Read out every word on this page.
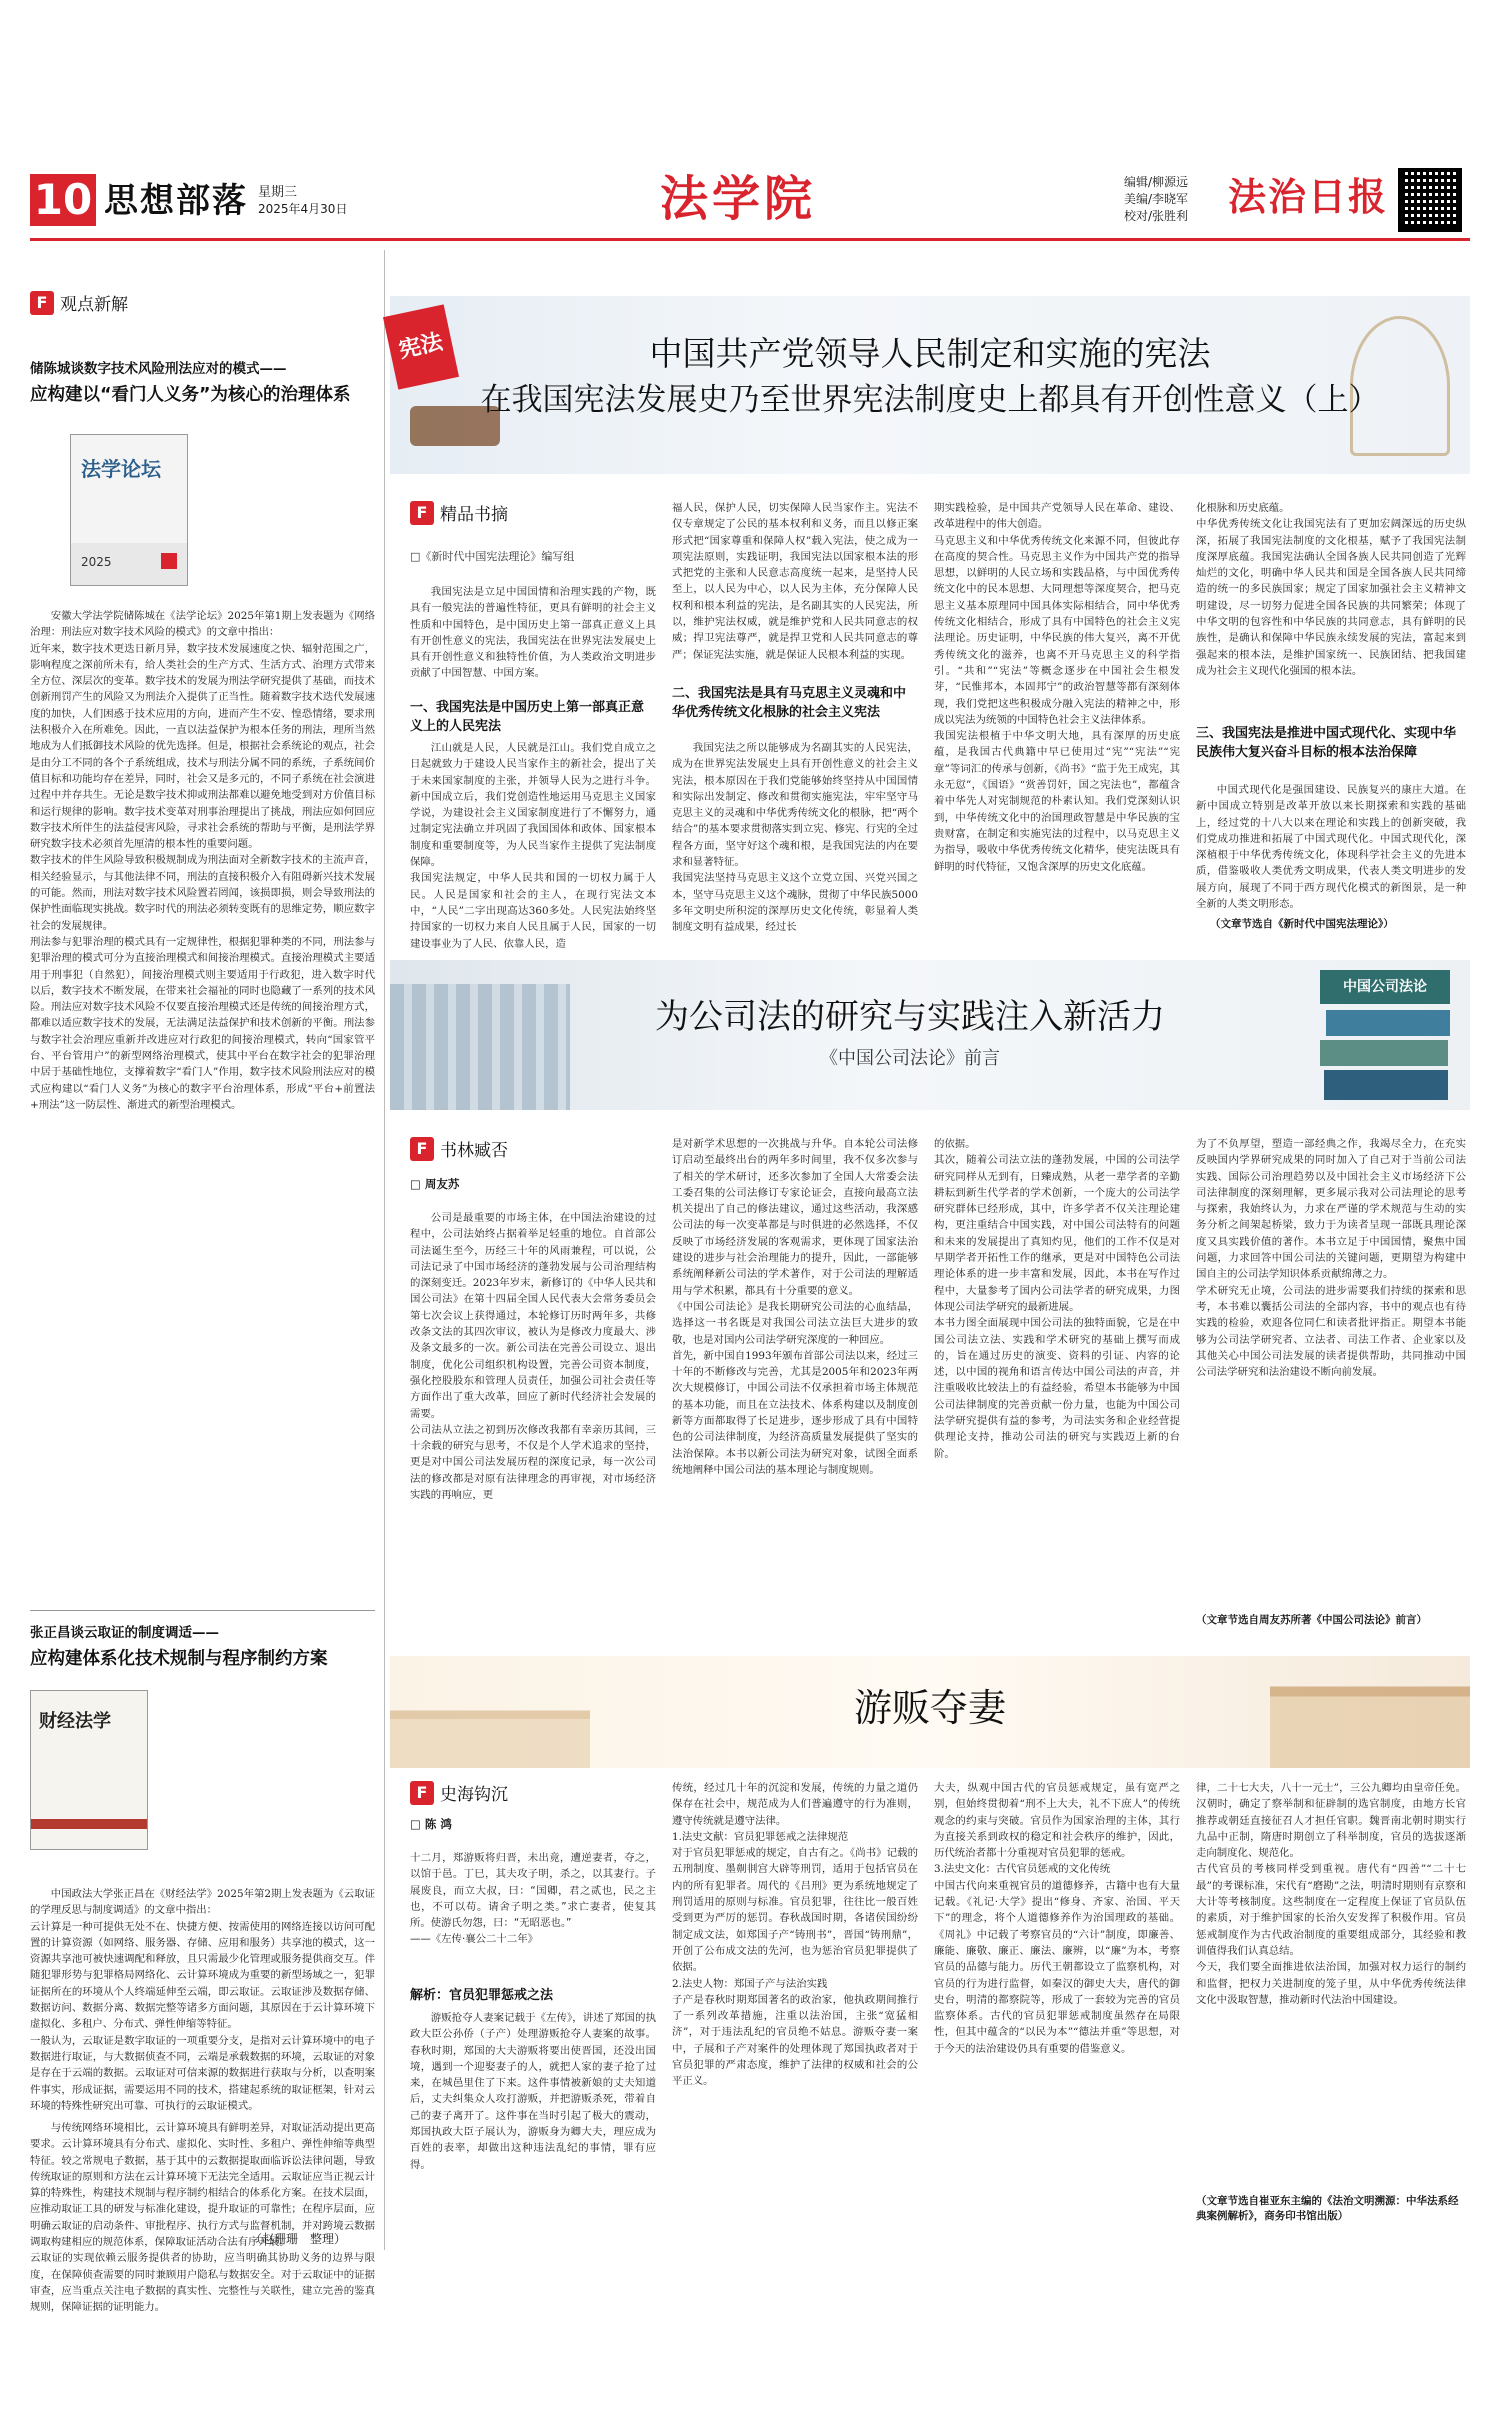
10 思想部落 星期三
2025年4月30日	法学院	编辑/柳源远
美编/李晓军
校对/张胜利 法治日报
F 观点新解
储陈城谈数字技术风险刑法应对的模式——
应构建以“看门人义务”为核心的治理体系
法学论坛
2025
安徽大学法学院储陈城在《法学论坛》2025年第1期上发表题为《网络治理：刑法应对数字技术风险的模式》的文章中指出：
近年来，数字技术更迭日新月异，数字技术发展速度之快、辐射范围之广，影响程度之深前所未有，给人类社会的生产方式、生活方式、治理方式带来全方位、深层次的变革。数字技术的发展为刑法学研究提供了基础，而技术创新刑罚产生的风险又为刑法介入提供了正当性。随着数字技术迭代发展速度的加快，人们困惑于技术应用的方向，进而产生不安、惶恐情绪，要求刑法积极介入在所难免。因此，一直以法益保护为根本任务的刑法，理所当然地成为人们抵御技术风险的优先选择。但是，根据社会系统论的观点，社会是由分工不同的各个子系统组成，技术与刑法分属不同的系统，子系统间价值目标和功能均存在差异，同时，社会又是多元的，不同子系统在社会演进过程中并存共生。无论是数字技术抑或刑法都难以避免地受到对方价值目标和运行规律的影响。数字技术变革对刑事治理提出了挑战，刑法应如何回应数字技术所伴生的法益侵害风险，寻求社会系统的帮助与平衡，是刑法学界研究数字技术必须首先厘清的根本性的重要问题。
数字技术的伴生风险导致积极规制成为刑法面对全新数字技术的主流声音，相关经验显示，与其他法律不同，刑法的直接积极介入有阻碍新兴技术发展的可能。然而，刑法对数字技术风险置若罔闻，该损即损，则会导致刑法的保护性面临现实挑战。数字时代的刑法必须转变既有的思维定势，顺应数字社会的发展规律。
刑法参与犯罪治理的模式具有一定规律性，根据犯罪种类的不同，刑法参与犯罪治理的模式可分为直接治理模式和间接治理模式。直接治理模式主要适用于刑事犯（自然犯），间接治理模式则主要适用于行政犯，进入数字时代以后，数字技术不断发展，在带来社会福祉的同时也隐藏了一系列的技术风险。刑法应对数字技术风险不仅要直接治理模式还是传统的间接治理方式，都难以适应数字技术的发展，无法满足法益保护和技术创新的平衡。刑法参与数字社会治理应重新并改进应对行政犯的间接治理模式，转向“国家管平台、平台管用户”的新型网络治理模式，使其中平台在数字社会的犯罪治理中居于基础性地位，支撑着数字“看门人”作用，数字技术风险刑法应对的模式应构建以“看门人义务”为核心的数字平台治理体系，形成“平台+前置法+刑法”这一防层性、渐进式的新型治理模式。
张正昌谈云取证的制度调适——
应构建体系化技术规制与程序制约方案
财经法学
中国政法大学张正昌在《财经法学》2025年第2期上发表题为《云取证的学理反思与制度调适》的文章中指出：
云计算是一种可提供无处不在、快捷方便、按需使用的网络连接以访问可配置的计算资源（如网络、服务器、存储、应用和服务）共享池的模式，这一资源共享池可被快速调配和释放，且只需最少化管理或服务提供商交互。伴随犯罪形势与犯罪格局网络化、云计算环境成为重要的新型场域之一，犯罪证据所在的环境从个人终端延伸至云端，即云取证。云取证涉及数据存储、数据访问、数据分离、数据完整等诸多方面问题，其原因在于云计算环境下虚拟化、多租户、分布式、弹性伸缩等特征。
一般认为，云取证是数字取证的一项重要分支，是指对云计算环境中的电子数据进行取证，与大数据侦查不同，云端是承载数据的环境，云取证的对象是存在于云端的数据。云取证对可信来源的数据进行获取与分析，以查明案件事实，形成证据，需要运用不同的技术，搭建起系统的取证框架，针对云环境的特殊性研究出可靠、可执行的云取证模式。
与传统网络环境相比，云计算环境具有鲜明差异，对取证活动提出更高要求。云计算环境具有分布式、虚拟化、实时性、多租户、弹性伸缩等典型特征。较之常规电子数据，基于其中的云数据提取面临诉讼法律问题，导致传统取证的原则和方法在云计算环境下无法完全适用。云取证应当正视云计算的特殊性，构建技术规制与程序制约相结合的体系化方案。在技术层面，应推动取证工具的研发与标准化建设，提升取证的可靠性；在程序层面，应明确云取证的启动条件、审批程序、执行方式与监督机制，并对跨境云数据调取构建相应的规范体系，保障取证活动合法有序开展。
云取证的实现依赖云服务提供者的协助，应当明确其协助义务的边界与限度，在保障侦查需要的同时兼顾用户隐私与数据安全。对于云取证中的证据审查，应当重点关注电子数据的真实性、完整性与关联性，建立完善的鉴真规则，保障证据的证明能力。
（赵珊珊　整理）
宪法	中国共产党领导人民制定和实施的宪法
在我国宪法发展史乃至世界宪法制度史上都具有开创性意义（上）
F 精品书摘
□《新时代中国宪法理论》编写组
我国宪法是立足中国国情和治理实践的产物，既具有一般宪法的普遍性特征，更具有鲜明的社会主义性质和中国特色，是中国历史上第一部真正意义上具有开创性意义的宪法，我国宪法在世界宪法发展史上具有开创性意义和独特性价值，为人类政治文明进步贡献了中国智慧、中国方案。
一、我国宪法是中国历史上第一部真正意义上的人民宪法
江山就是人民，人民就是江山。我们党自成立之日起就致力于建设人民当家作主的新社会，提出了关于未来国家制度的主张，并领导人民为之进行斗争。新中国成立后，我们党创造性地运用马克思主义国家学说，为建设社会主义国家制度进行了不懈努力，通过制定宪法确立并巩固了我国国体和政体、国家根本制度和重要制度等，为人民当家作主提供了宪法制度保障。
我国宪法规定，中华人民共和国的一切权力属于人民。人民是国家和社会的主人，在现行宪法文本中，“人民”二字出现高达360多处。人民宪法始终坚持国家的一切权力来自人民且属于人民，国家的一切建设事业为了人民、依靠人民，造
福人民，保护人民，切实保障人民当家作主。宪法不仅专章规定了公民的基本权利和义务，而且以修正案形式把“国家尊重和保障人权”载入宪法，使之成为一项宪法原则，实践证明，我国宪法以国家根本法的形式把党的主张和人民意志高度统一起来，是坚持人民至上，以人民为中心，以人民为主体，充分保障人民权利和根本利益的宪法，是名副其实的人民宪法，所以，维护宪法权威，就是维护党和人民共同意志的权威；捍卫宪法尊严，就是捍卫党和人民共同意志的尊严；保证宪法实施，就是保证人民根本利益的实现。
二、我国宪法是具有马克思主义灵魂和中华优秀传统文化根脉的社会主义宪法
我国宪法之所以能够成为名副其实的人民宪法，成为在世界宪法发展史上具有开创性意义的社会主义宪法，根本原因在于我们党能够始终坚持从中国国情和实际出发制定、修改和贯彻实施宪法，牢牢坚守马克思主义的灵魂和中华优秀传统文化的根脉，把“两个结合”的基本要求贯彻落实到立宪、修宪、行宪的全过程各方面，坚守好这个魂和根，是我国宪法的内在要求和显著特征。
我国宪法坚持马克思主义这个立党立国、兴党兴国之本，坚守马克思主义这个魂脉，贯彻了中华民族5000多年文明史所积淀的深厚历史文化传统，彰显着人类制度文明有益成果，经过长
期实践检验，是中国共产党领导人民在革命、建设、改革进程中的伟大创造。
马克思主义和中华优秀传统文化来源不同，但彼此存在高度的契合性。马克思主义作为中国共产党的指导思想，以鲜明的人民立场和实践品格，与中国优秀传统文化中的民本思想、大同理想等深度契合，把马克思主义基本原理同中国具体实际相结合，同中华优秀传统文化相结合，形成了具有中国特色的社会主义宪法理论。历史证明，中华民族的伟大复兴，离不开优秀传统文化的滋养，也离不开马克思主义的科学指引。“共和”“宪法”等概念逐步在中国社会生根发芽，“民惟邦本，本固邦宁”的政治智慧等都有深刻体现，我们党把这些积极成分融入宪法的精神之中，形成以宪法为统领的中国特色社会主义法律体系。
我国宪法根植于中华文明大地，具有深厚的历史底蕴，是我国古代典籍中早已使用过“宪”“宪法”“宪章”等词汇的传承与创新，《尚书》“监于先王成宪，其永无愆”，《国语》“赏善罚奸，国之宪法也”，都蕴含着中华先人对宪制规范的朴素认知。我们党深刻认识到，中华传统文化中的治国理政智慧是中华民族的宝贵财富，在制定和实施宪法的过程中，以马克思主义为指导，吸收中华优秀传统文化精华，使宪法既具有鲜明的时代特征，又饱含深厚的历史文化底蕴。
化根脉和历史底蕴。
中华优秀传统文化让我国宪法有了更加宏阔深远的历史纵深，拓展了我国宪法制度的文化根基，赋予了我国宪法制度深厚底蕴。我国宪法确认全国各族人民共同创造了光辉灿烂的文化，明确中华人民共和国是全国各族人民共同缔造的统一的多民族国家；规定了国家加强社会主义精神文明建设，尽一切努力促进全国各民族的共同繁荣；体现了中华文明的包容性和中华民族的共同意志，具有鲜明的民族性，是确认和保障中华民族永续发展的宪法，富起来到强起来的根本法，是维护国家统一、民族团结、把我国建成为社会主义现代化强国的根本法。
三、我国宪法是推进中国式现代化、实现中华民族伟大复兴奋斗目标的根本法治保障
中国式现代化是强国建设、民族复兴的康庄大道。在新中国成立特别是改革开放以来长期探索和实践的基础上，经过党的十八大以来在理论和实践上的创新突破，我们党成功推进和拓展了中国式现代化。中国式现代化，深深植根于中华优秀传统文化，体现科学社会主义的先进本质，借鉴吸收人类优秀文明成果，代表人类文明进步的发展方向，展现了不同于西方现代化模式的新图景，是一种全新的人类文明形态。
（文章节选自《新时代中国宪法理论》）
为公司法的研究与实践注入新活力
《中国公司法论》前言
中国公司法论
F 书林臧否
□ 周友苏
公司是最重要的市场主体，在中国法治建设的过程中，公司法始终占据着举足轻重的地位。自首部公司法诞生至今，历经三十年的风雨兼程，可以说，公司法记录了中国市场经济的蓬勃发展与公司治理结构的深刻变迁。2023年岁末，新修订的《中华人民共和国公司法》在第十四届全国人民代表大会常务委员会第七次会议上获得通过，本轮修订历时两年多，共修改条文法的其四次审议，被认为是修改力度最大、涉及条文最多的一次。新公司法在完善公司设立、退出制度，优化公司组织机构设置，完善公司资本制度，强化控股股东和管理人员责任，加强公司社会责任等方面作出了重大改革，回应了新时代经济社会发展的需要。
公司法从立法之初到历次修改我都有幸亲历其间，三十余载的研究与思考，不仅是个人学术追求的坚持，更是对中国公司法发展历程的深度记录，每一次公司法的修改都是对原有法律理念的再审视，对市场经济实践的再响应，更
是对新学术思想的一次挑战与升华。自本轮公司法修订启动至最终出台的两年多时间里，我不仅多次参与了相关的学术研讨，还多次参加了全国人大常委会法工委召集的公司法修订专家论证会，直接向最高立法机关提出了自己的修法建议，通过这些活动，我深感公司法的每一次变革都是与时俱进的必然选择，不仅反映了市场经济发展的客观需求，更体现了国家法治建设的进步与社会治理能力的提升，因此，一部能够系统阐释新公司法的学术著作，对于公司法的理解适用与学术积累，都具有十分重要的意义。
《中国公司法论》是我长期研究公司法的心血结晶，选择这一书名既是对我国公司法立法巨大进步的致敬，也是对国内公司法学研究深度的一种回应。
首先，新中国自1993年颁布首部公司法以来，经过三十年的不断修改与完善，尤其是2005年和2023年两次大规模修订，中国公司法不仅承担着市场主体规范的基本功能，而且在立法技术、体系构建以及制度创新等方面都取得了长足进步，逐步形成了具有中国特色的公司法律制度，为经济高质量发展提供了坚实的法治保障。本书以新公司法为研究对象，试图全面系统地阐释中国公司法的基本理论与制度规则。
的依据。
其次，随着公司法立法的蓬勃发展，中国的公司法学研究同样从无到有，日臻成熟，从老一辈学者的辛勤耕耘到新生代学者的学术创新，一个庞大的公司法学研究群体已经形成，其中，许多学者不仅关注理论建构，更注重结合中国实践，对中国公司法特有的问题和未来的发展提出了真知灼见，他们的工作不仅是对早期学者开拓性工作的继承，更是对中国特色公司法理论体系的进一步丰富和发展，因此，本书在写作过程中，大量参考了国内公司法学者的研究成果，力图体现公司法学研究的最新进展。
本书力图全面展现中国公司法的独特面貌，它是在中国公司法立法、实践和学术研究的基础上撰写而成的，旨在通过历史的演变、资料的引证、内容的论述，以中国的视角和语言传达中国公司法的声音，并注重吸收比较法上的有益经验，希望本书能够为中国公司法律制度的完善贡献一份力量，也能为中国公司法学研究提供有益的参考，为司法实务和企业经营提供理论支持，推动公司法的研究与实践迈上新的台阶。
为了不负厚望，塑造一部经典之作，我竭尽全力，在充实反映国内学界研究成果的同时加入了自己对于当前公司法实践、国际公司治理趋势以及中国社会主义市场经济下公司法律制度的深刻理解，更多展示我对公司法理论的思考与探索，我始终认为，力求在严谨的学术规范与生动的实务分析之间架起桥梁，致力于为读者呈现一部既具理论深度又具实践价值的著作。本书立足于中国国情，聚焦中国问题，力求回答中国公司法的关键问题，更期望为构建中国自主的公司法学知识体系贡献绵薄之力。
学术研究无止境，公司法的进步需要我们持续的探索和思考，本书难以囊括公司法的全部内容，书中的观点也有待实践的检验，欢迎各位同仁和读者批评指正。期望本书能够为公司法学研究者、立法者、司法工作者、企业家以及其他关心中国公司法发展的读者提供帮助，共同推动中国公司法学研究和法治建设不断向前发展。
（文章节选自周友苏所著《中国公司法论》前言）
游贩夺妻
F 史海钩沉
□ 陈 鸿
十二月，郑游贩将归晋，未出竟，遭逆妻者，夺之，以馆于邑。丁巳，其夫攻子明，杀之，以其妻行。子展废良，而立大叔，曰：“国卿，君之贰也，民之主也，不可以苟。请舍子明之类。”求亡妻者，使复其所。使游氏勿怨，曰：“无昭恶也。”
——《左传·襄公二十二年》
解析：官员犯罪惩戒之法
游贩抢夺人妻案记载于《左传》，讲述了郑国的执政大臣公孙侨（子产）处理游贩抢夺人妻案的故事。春秋时期，郑国的大夫游贩将要出使晋国，还没出国境，遇到一个迎娶妻子的人，就把人家的妻子抢了过来，在城邑里住了下来。这件事情被新娘的丈夫知道后，丈夫纠集众人攻打游贩，并把游贩杀死，带着自己的妻子离开了。这件事在当时引起了极大的震动，郑国执政大臣子展认为，游贩身为卿大夫，理应成为百姓的表率，却做出这种违法乱纪的事情，罪有应得。
传统，经过几十年的沉淀和发展，传统的力量之道仍保存在社会中，规范成为人们普遍遵守的行为准则，遵守传统就是遵守法律。
1.法史文献：官员犯罪惩戒之法律规范
对于官员犯罪惩戒的规定，自古有之。《尚书》记载的五刑制度、墨劓剕宫大辟等刑罚，适用于包括官员在内的所有犯罪者。周代的《吕刑》更为系统地规定了刑罚适用的原则与标准。官员犯罪，往往比一般百姓受到更为严厉的惩罚。春秋战国时期，各诸侯国纷纷制定成文法，如郑国子产“铸刑书”，晋国“铸刑鼎”，开创了公布成文法的先河，也为惩治官员犯罪提供了依据。
2.法史人物：郑国子产与法治实践
子产是春秋时期郑国著名的政治家，他执政期间推行了一系列改革措施，注重以法治国，主张“宽猛相济”，对于违法乱纪的官员绝不姑息。游贩夺妻一案中，子展和子产对案件的处理体现了郑国执政者对于官员犯罪的严肃态度，维护了法律的权威和社会的公平正义。
大夫，纵观中国古代的官员惩戒规定，虽有宽严之别，但始终贯彻着“刑不上大夫，礼不下庶人”的传统观念的约束与突破。官员作为国家治理的主体，其行为直接关系到政权的稳定和社会秩序的维护，因此，历代统治者都十分重视对官员犯罪的惩戒。
3.法史文化：古代官员惩戒的文化传统
中国古代向来重视官员的道德修养，古籍中也有大量记载。《礼记·大学》提出“修身、齐家、治国、平天下”的理念，将个人道德修养作为治国理政的基础。《周礼》中记载了考察官员的“六计”制度，即廉善、廉能、廉敬、廉正、廉法、廉辨，以“廉”为本，考察官员的品德与能力。历代王朝都设立了监察机构，对官员的行为进行监督，如秦汉的御史大夫，唐代的御史台，明清的都察院等，形成了一套较为完善的官员监察体系。古代的官员犯罪惩戒制度虽然存在局限性，但其中蕴含的“以民为本”“德法并重”等思想，对于今天的法治建设仍具有重要的借鉴意义。
律，二十七大夫，八十一元士”，三公九卿均由皇帝任免。汉朝时，确定了察举制和征辟制的选官制度，由地方长官推荐或朝廷直接征召人才担任官职。魏晋南北朝时期实行九品中正制，隋唐时期创立了科举制度，官员的选拔逐渐走向制度化、规范化。
古代官员的考核同样受到重视。唐代有“四善”“二十七最”的考课标准，宋代有“磨勘”之法，明清时期则有京察和大计等考核制度。这些制度在一定程度上保证了官员队伍的素质，对于维护国家的长治久安发挥了积极作用。官员惩戒制度作为古代政治制度的重要组成部分，其经验和教训值得我们认真总结。
今天，我们要全面推进依法治国，加强对权力运行的制约和监督，把权力关进制度的笼子里，从中华优秀传统法律文化中汲取智慧，推动新时代法治中国建设。
（文章节选自崔亚东主编的《法治文明溯源：中华法系经典案例解析》，商务印书馆出版）
